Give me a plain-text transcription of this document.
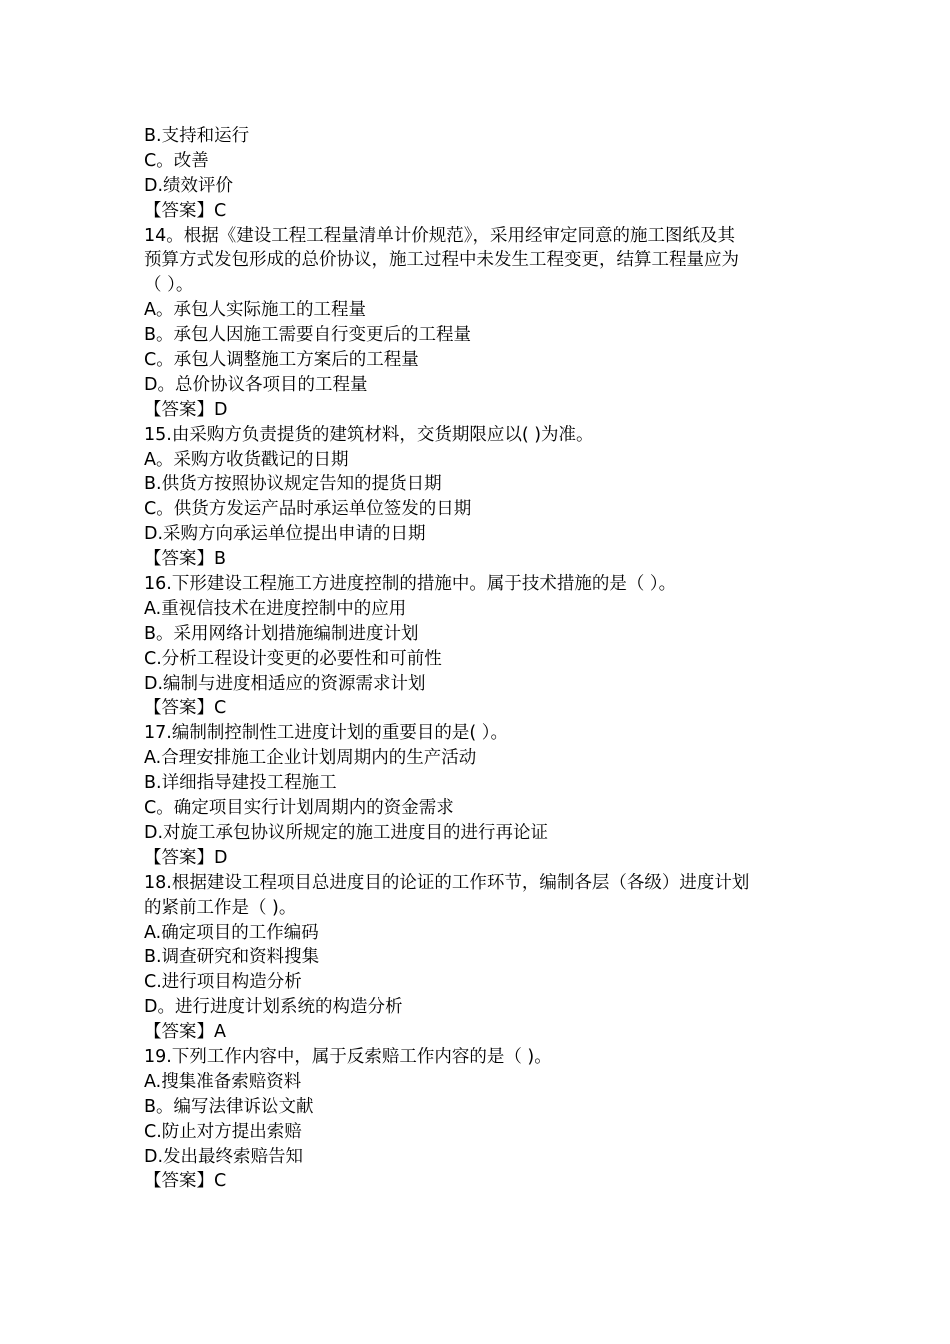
B.支持和运行
C。改善
D.绩效评价
【答案】C
14。根据《建设工程工程量清单计价规范》，采用经审定同意的施工图纸及其
预算方式发包形成的总价协议，施工过程中未发生工程变更，结算工程量应为
（ ）。
A。承包人实际施工的工程量
B。承包人因施工需要自行变更后的工程量
C。承包人调整施工方案后的工程量
D。总价协议各项目的工程量
【答案】D
15.由采购方负责提货的建筑材料，交货期限应以( )为准。
A。采购方收货戳记的日期
B.供货方按照协议规定告知的提货日期
C。供货方发运产品时承运单位签发的日期
D.采购方向承运单位提出申请的日期
【答案】B
16.下形建设工程施工方进度控制的措施中。属于技术措施的是（ ）。
A.重视信技术在进度控制中的应用
B。采用网络计划措施编制进度计划
C.分析工程设计变更的必要性和可前性
D.编制与进度相适应的资源需求计划
【答案】C
17.编制制控制性工进度计划的重要目的是( ）。
A.合理安排施工企业计划周期内的生产活动
B.详细指导建投工程施工
C。确定项目实行计划周期内的资金需求
D.对旋工承包协议所规定的施工进度目的进行再论证
【答案】D
18.根据建设工程项目总进度目的论证的工作环节，编制各层（各级）进度计划
的紧前工作是（ )。
A.确定项目的工作编码
B.调查研究和资料搜集
C.进行项目构造分析
D。进行进度计划系统的构造分析
【答案】A
19.下列工作内容中，属于反索赔工作内容的是（ )。
A.搜集准备索赔资料
B。编写法律诉讼文献
C.防止对方提出索赔
D.发出最终索赔告知
【答案】C
